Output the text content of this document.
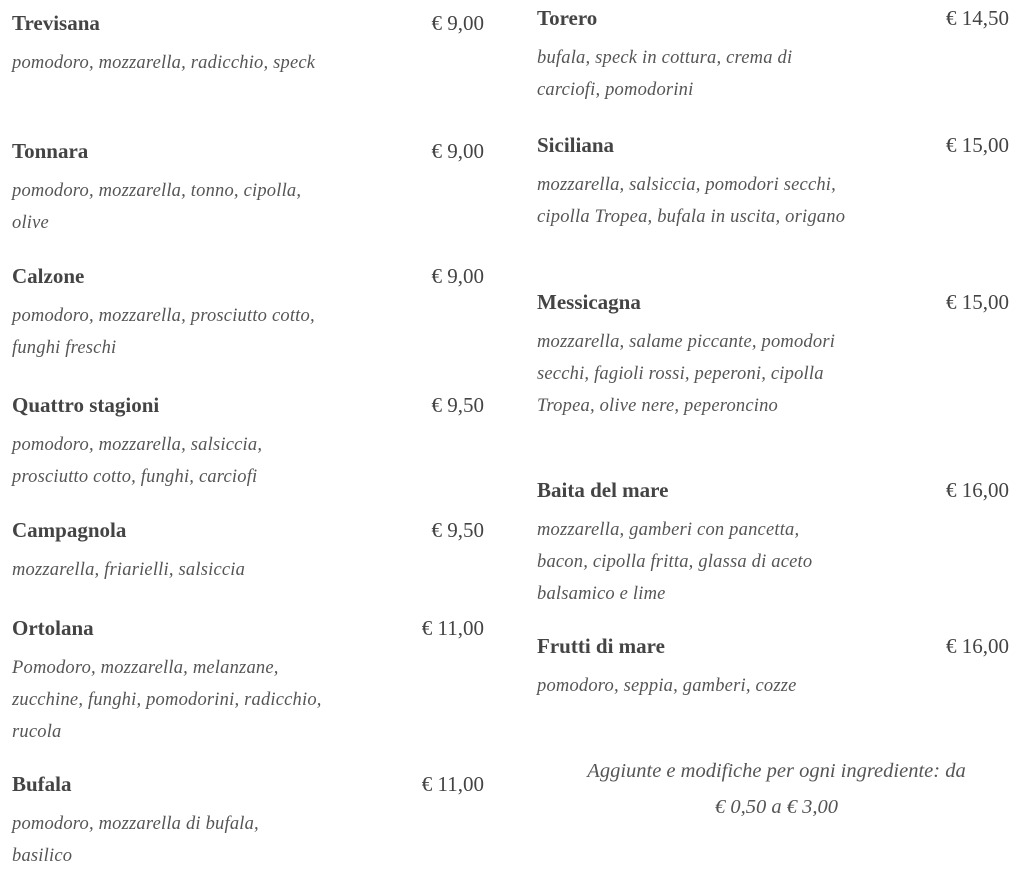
Trevisana	€ 9,00
pomodoro, mozzarella, radicchio, speck
Tonnara	€ 9,00
pomodoro, mozzarella, tonno, cipolla, olive
Calzone	€ 9,00
pomodoro, mozzarella, prosciutto cotto, funghi freschi
Quattro stagioni	€ 9,50
pomodoro, mozzarella, salsiccia, prosciutto cotto, funghi, carciofi
Campagnola	€ 9,50
mozzarella, friarielli, salsiccia
Ortolana	€ 11,00
Pomodoro, mozzarella, melanzane, zucchine, funghi, pomodorini, radicchio, rucola
Bufala	€ 11,00
pomodoro, mozzarella di bufala, basilico
Torero	€ 14,50
bufala, speck in cottura, crema di carciofi, pomodorini
Siciliana	€ 15,00
mozzarella, salsiccia, pomodori secchi, cipolla Tropea, bufala in uscita, origano
Messicagna	€ 15,00
mozzarella, salame piccante, pomodori secchi, fagioli rossi, peperoni, cipolla Tropea, olive nere, peperoncino
Baita del mare	€ 16,00
mozzarella, gamberi con pancetta, bacon, cipolla fritta, glassa di aceto balsamico e lime
Frutti di mare	€ 16,00
pomodoro, seppia, gamberi, cozze
Aggiunte e modifiche per ogni ingrediente: da
€ 0,50 a € 3,00
